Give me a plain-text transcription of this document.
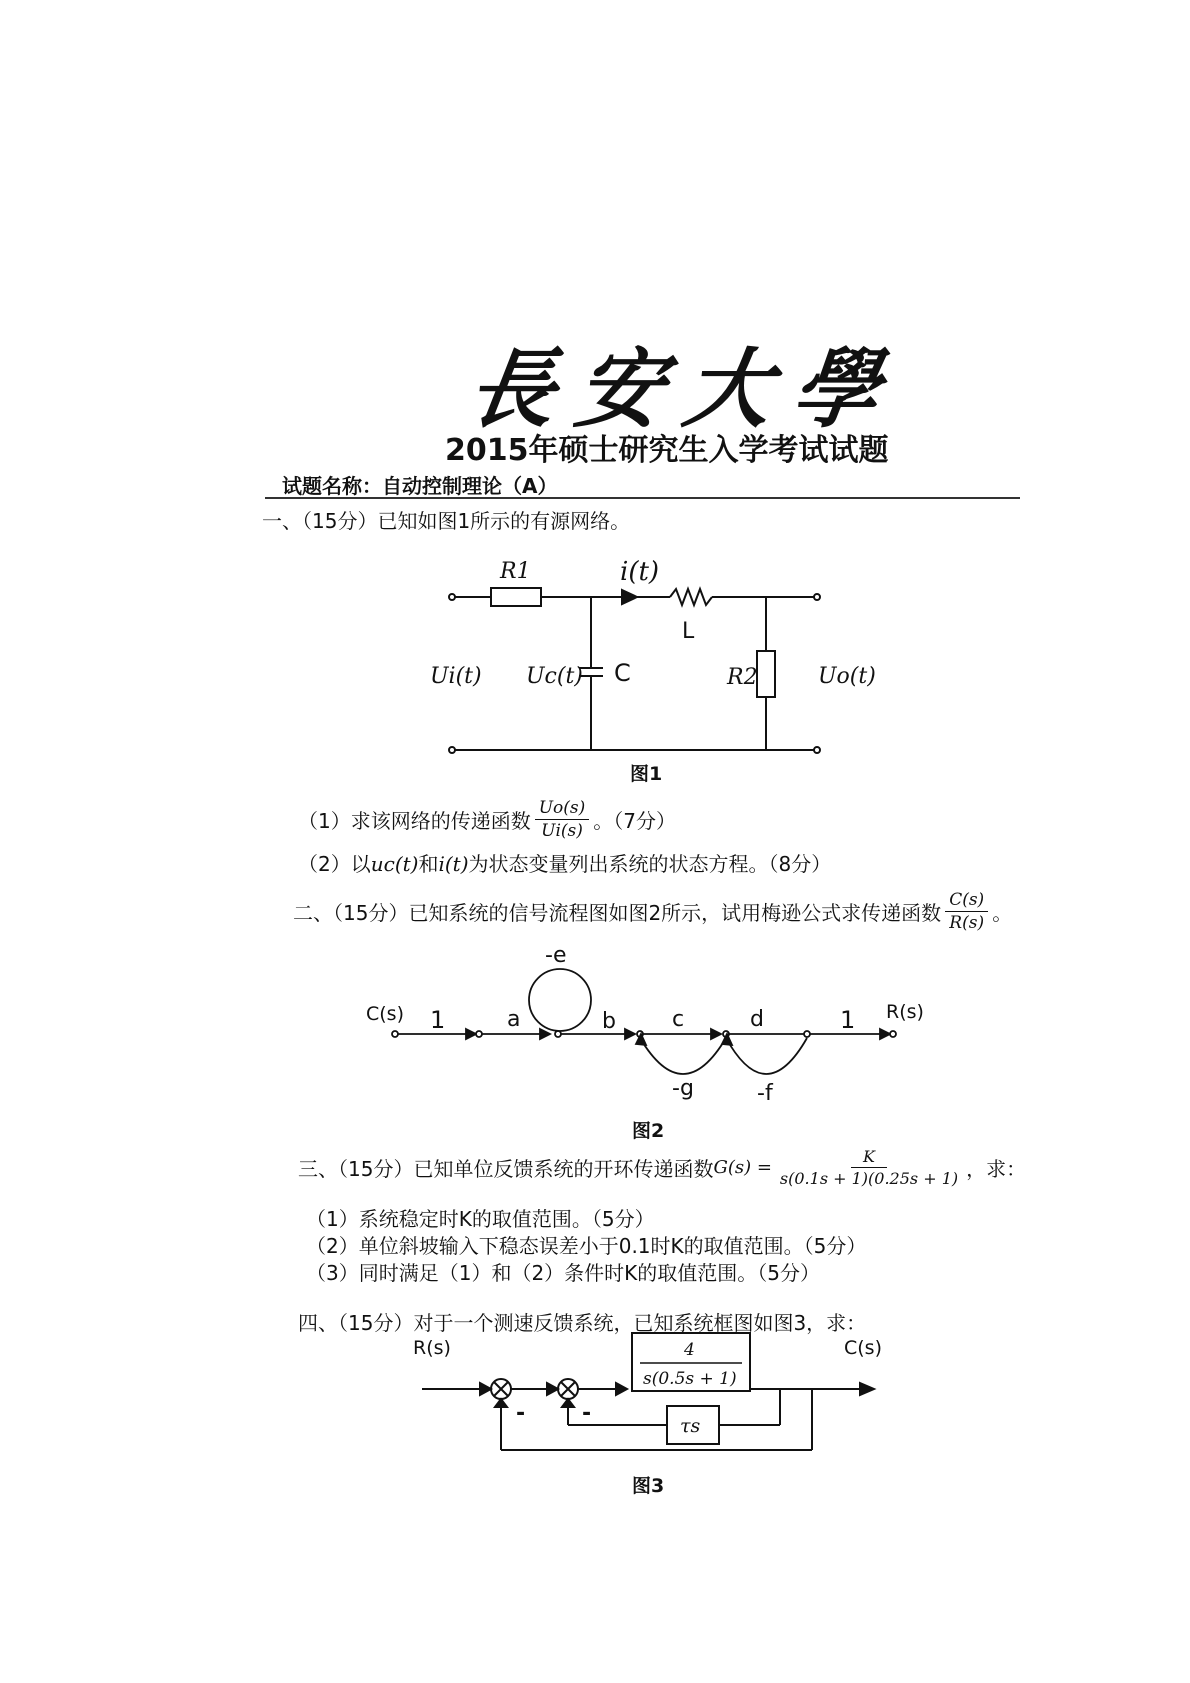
長安大學
2015年硕士研究生入学考试试题
试题名称：自动控制理论（A）
一、（15分）已知如图1所示的有源网络。
R1	i(t)
L
Ui(t) Uc(t) C	R2	Uo(t)
图1
C(s) 1	a
-e
b	c	d	1 R(s)
-g	-f
图2
4
s(0.5s + 1)
τs
R(s)	C(s)
-	-
图3
（1）求该网络的传递函数 $\frac{Uo(s)}{Ui(s)}$ 。（7分）
（2）以uc(t)和i(t)为状态变量列出系统的状态方程。（8分）
二、（15分）已知系统的信号流程图如图2所示，试用梅逊公式求传递函数 $\frac{C(s)}{R(s)}$ 。
三、（15分）已知单位反馈系统的开环传递函数 $G(s) = \frac{K}{s(0.1s + 1)(0.25s + 1)}$ ，求：
（1）系统稳定时K的取值范围。（5分）
（2）单位斜坡输入下稳态误差小于0.1时K的取值范围。（5分）
（3）同时满足（1）和（2）条件时K的取值范围。（5分）
四、（15分）对于一个测速反馈系统，已知系统框图如图3，求：
